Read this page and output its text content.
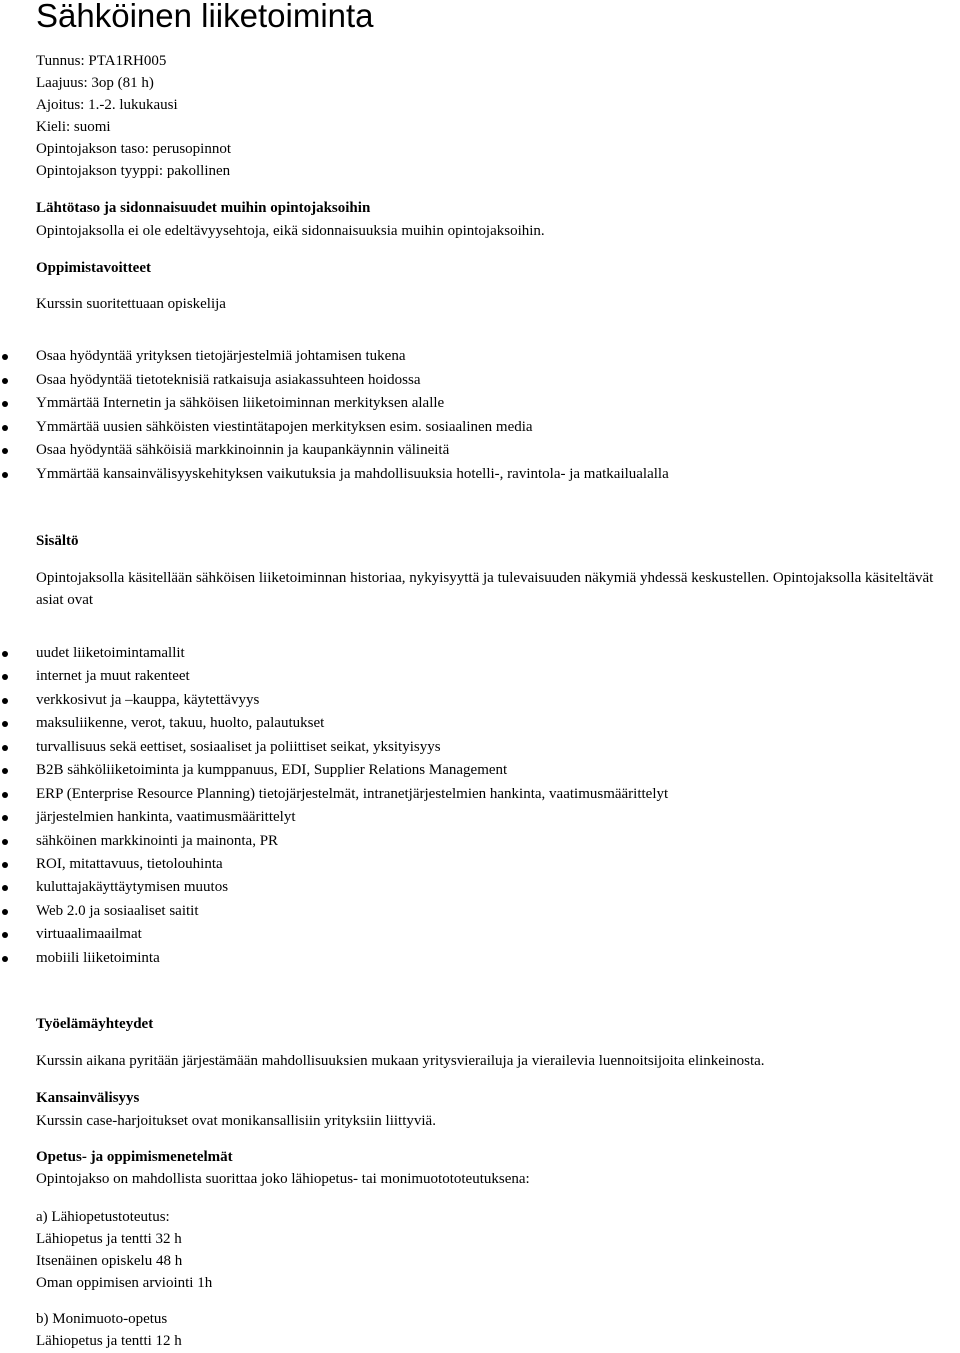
Sähköinen liiketoiminta
Tunnus: PTA1RH005
Laajuus: 3op (81 h)
Ajoitus: 1.-2. lukukausi
Kieli: suomi
Opintojakson taso: perusopinnot
Opintojakson tyyppi: pakollinen
Lähtötaso ja sidonnaisuudet muihin opintojaksoihin
Opintojaksolla ei ole edeltävyysehtoja, eikä sidonnaisuuksia muihin opintojaksoihin.
Oppimistavoitteet
Kurssin suoritettuaan opiskelija
Osaa hyödyntää yrityksen tietojärjestelmiä johtamisen tukena
Osaa hyödyntää tietoteknisiä ratkaisuja asiakassuhteen hoidossa
Ymmärtää Internetin ja sähköisen liiketoiminnan merkityksen alalle
Ymmärtää uusien sähköisten viestintätapojen merkityksen esim. sosiaalinen media
Osaa hyödyntää sähköisiä markkinoinnin ja kaupankäynnin välineitä
Ymmärtää kansainvälisyyskehityksen vaikutuksia ja mahdollisuuksia hotelli-, ravintola- ja matkailualalla
Sisältö
Opintojaksolla käsitellään sähköisen liiketoiminnan historiaa, nykyisyyttä ja tulevaisuuden näkymiä yhdessä keskustellen. Opintojaksolla käsiteltävät asiat ovat
uudet liiketoimintamallit
internet ja muut rakenteet
verkkosivut ja –kauppa, käytettävyys
maksuliikenne, verot, takuu, huolto, palautukset
turvallisuus sekä eettiset, sosiaaliset ja poliittiset seikat, yksityisyys
B2B sähköliiketoiminta ja kumppanuus, EDI, Supplier Relations Management
ERP (Enterprise Resource Planning) tietojärjestelmät, intranetjärjestelmien hankinta, vaatimusmäärittelyt
järjestelmien hankinta, vaatimusmäärittelyt
sähköinen markkinointi ja mainonta, PR
ROI, mitattavuus, tietolouhinta
kuluttajakäyttäytymisen muutos
Web 2.0 ja sosiaaliset saitit
virtuaalimaailmat
mobiili liiketoiminta
Työelämäyhteydet
Kurssin aikana pyritään järjestämään mahdollisuuksien mukaan yritysvierailuja ja vierailevia luennoitsijoita elinkeinosta.
Kansainvälisyys
Kurssin case-harjoitukset ovat monikansallisiin yrityksiin liittyviä.
Opetus- ja oppimismenetelmät
Opintojakso on mahdollista suorittaa joko lähiopetus- tai monimuotototeutuksena:
a) Lähiopetustoteutus:
Lähiopetus ja tentti 32 h
Itsenäinen opiskelu 48 h
Oman oppimisen arviointi 1h
b) Monimuoto-opetus
Lähiopetus ja tentti 12 h
